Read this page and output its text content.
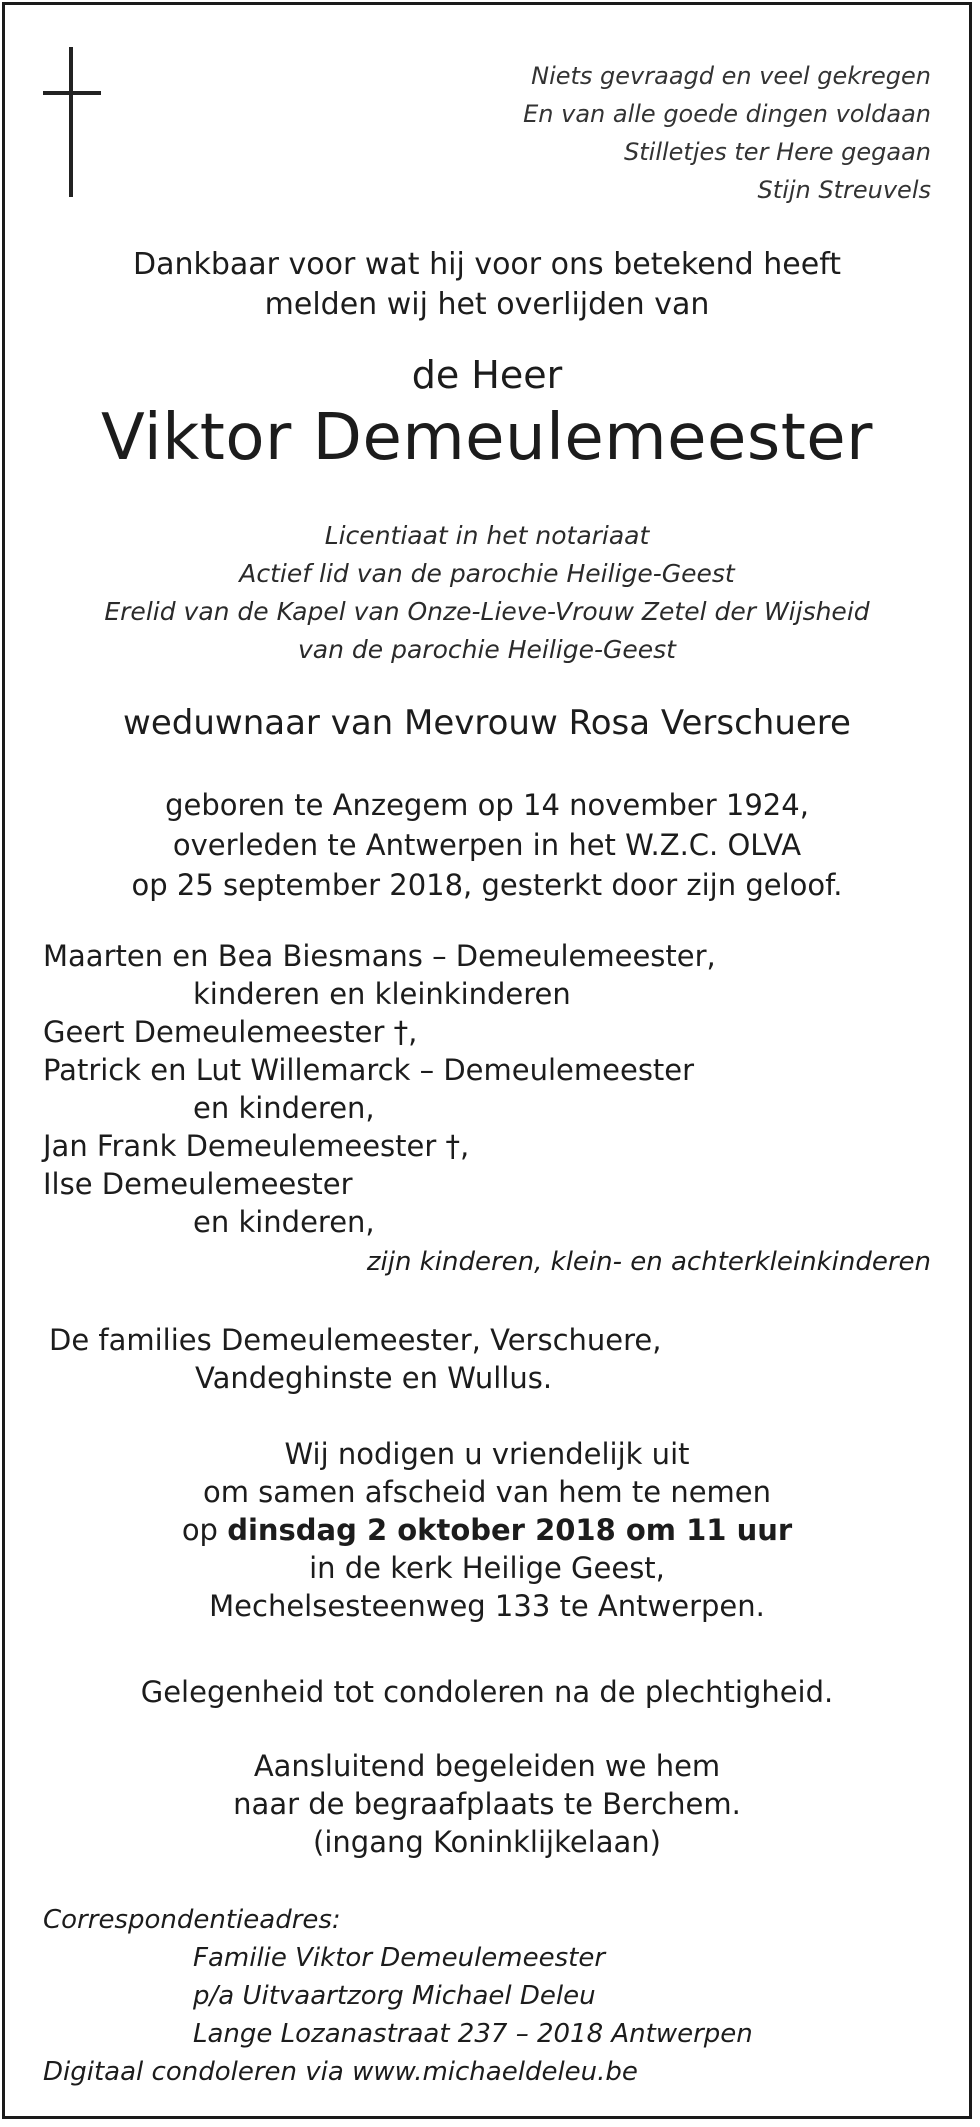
Niets gevraagd en veel gekregen
En van alle goede dingen voldaan
Stilletjes ter Here gegaan
Stijn Streuvels
Dankbaar voor wat hij voor ons betekend heeft
melden wij het overlijden van
de Heer
Viktor Demeulemeester
Licentiaat in het notariaat
Actief lid van de parochie Heilige-Geest
Erelid van de Kapel van Onze-Lieve-Vrouw Zetel der Wijsheid
van de parochie Heilige-Geest
weduwnaar van Mevrouw Rosa Verschuere
geboren te Anzegem op 14 november 1924,
overleden te Antwerpen in het W.Z.C. OLVA
op 25 september 2018, gesterkt door zijn geloof.
Maarten en Bea Biesmans – Demeulemeester,
kinderen en kleinkinderen
Geert Demeulemeester †,
Patrick en Lut Willemarck – Demeulemeester
en kinderen,
Jan Frank Demeulemeester †,
Ilse Demeulemeester
en kinderen,
zijn kinderen, klein- en achterkleinkinderen
De families Demeulemeester, Verschuere,
Vandeghinste en Wullus.
Wij nodigen u vriendelijk uit
om samen afscheid van hem te nemen
op dinsdag 2 oktober 2018 om 11 uur
in de kerk Heilige Geest,
Mechelsesteenweg 133 te Antwerpen.
Gelegenheid tot condoleren na de plechtigheid.
Aansluitend begeleiden we hem
naar de begraafplaats te Berchem.
(ingang Koninklijkelaan)
Correspondentieadres:
Familie Viktor Demeulemeester
p/a Uitvaartzorg Michael Deleu
Lange Lozanastraat 237 – 2018 Antwerpen
Digitaal condoleren via www.michaeldeleu.be
